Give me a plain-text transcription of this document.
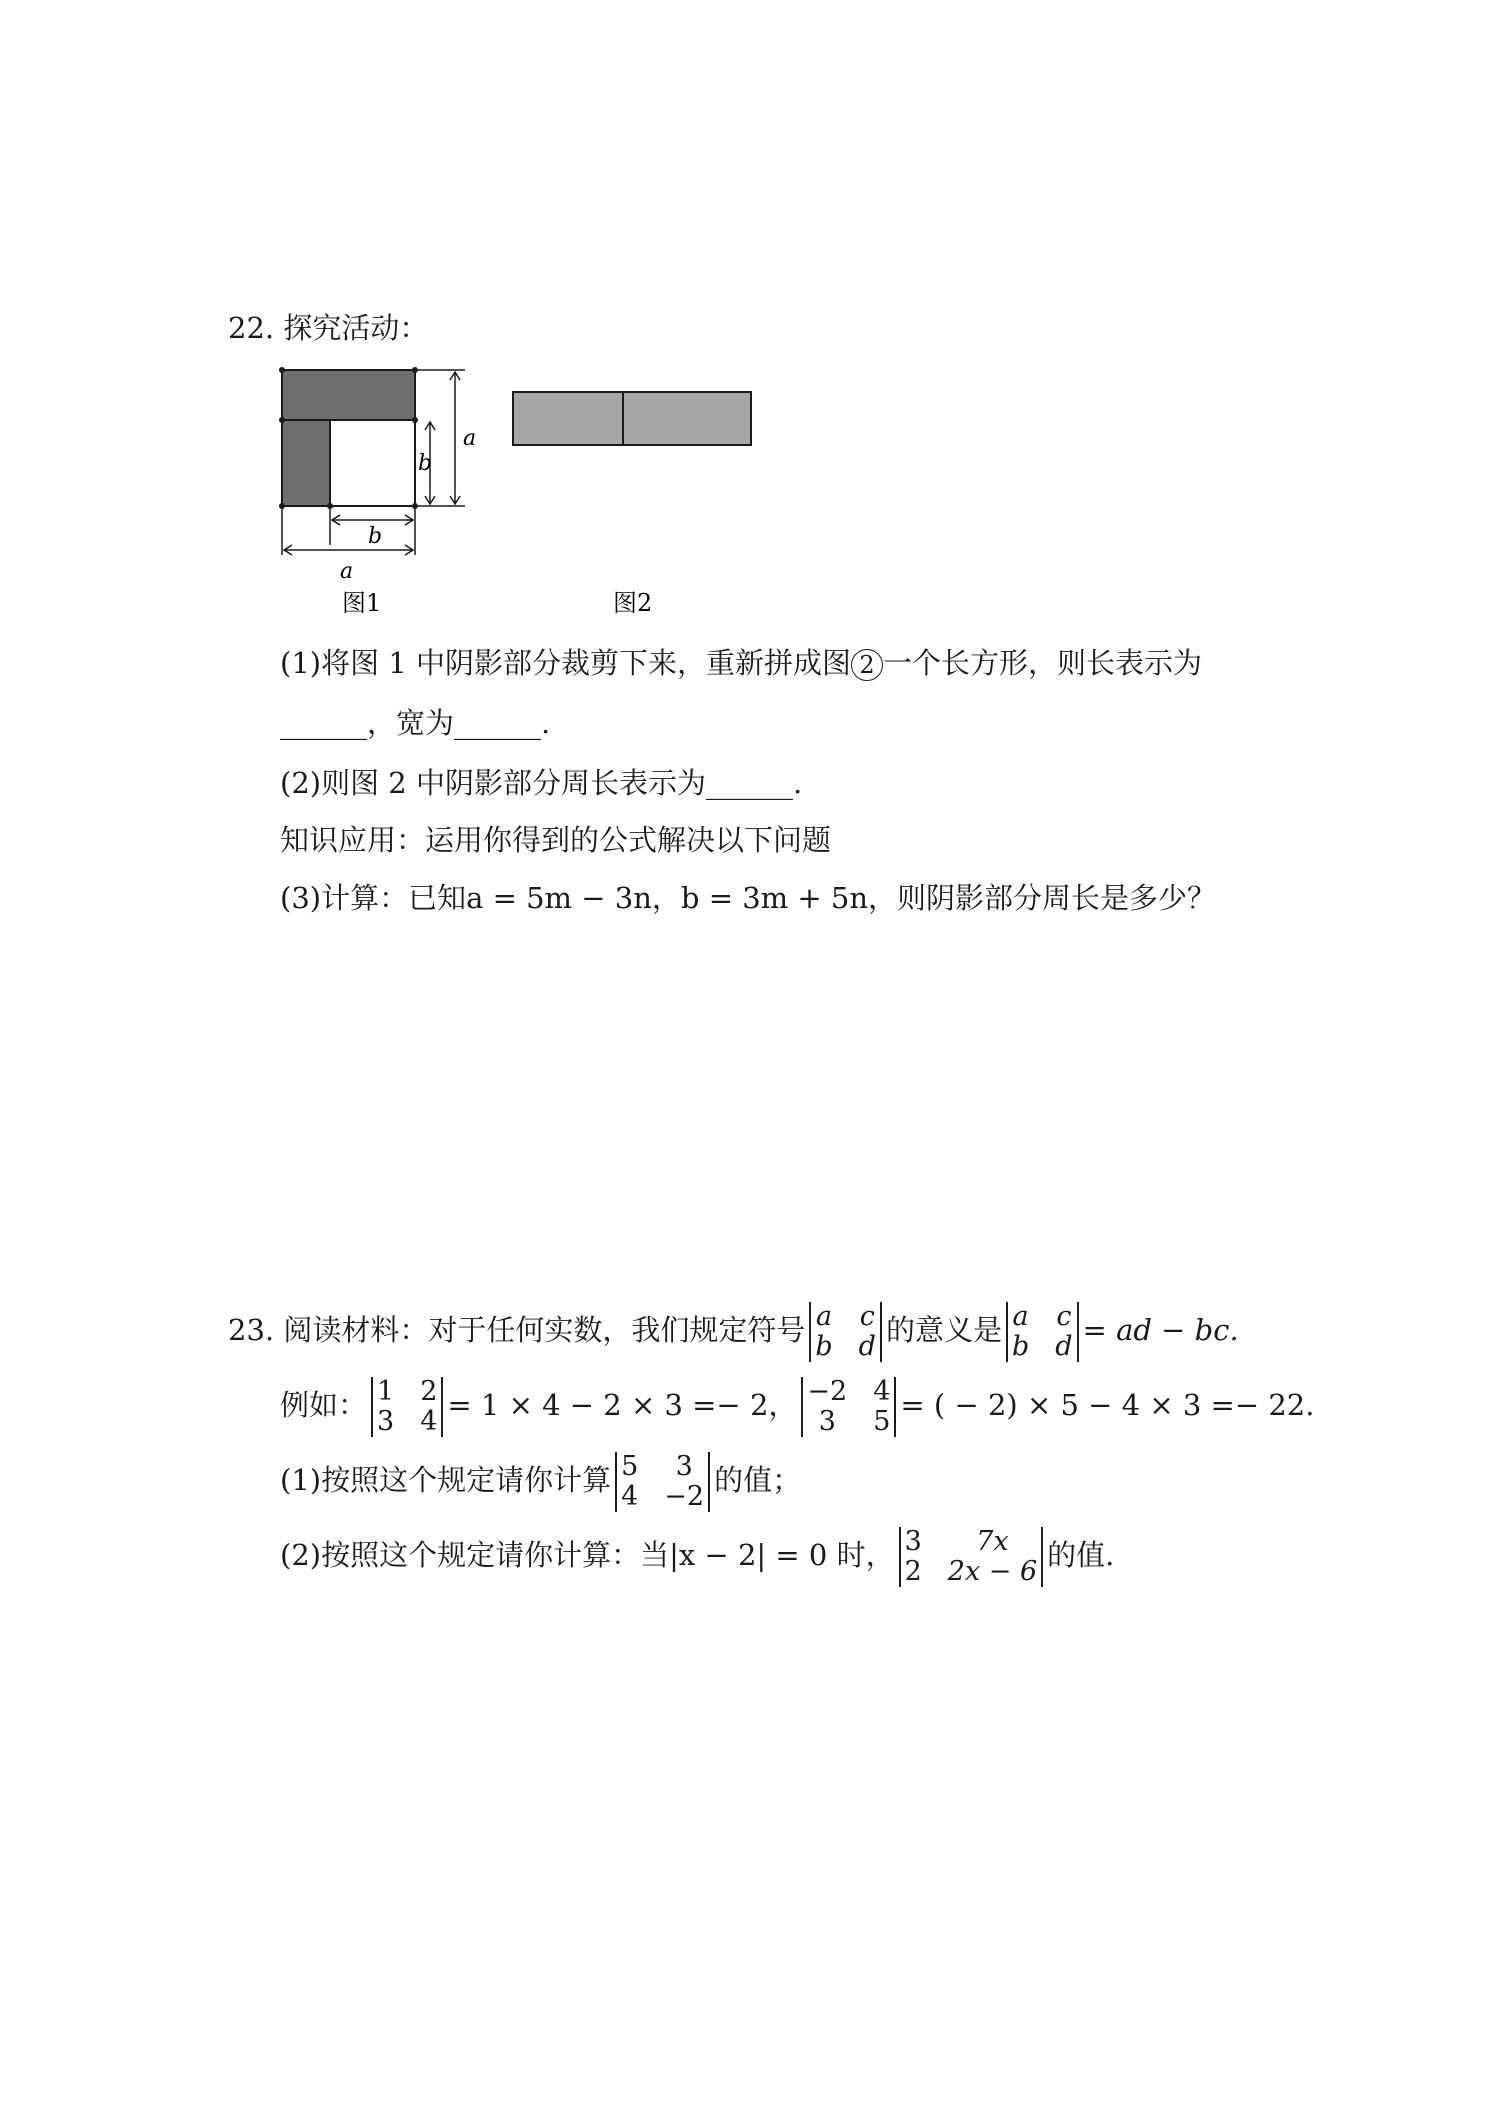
22. 探究活动：
a
b
b
a
图1	图2
(1)将图 1 中阴影部分裁剪下来，重新拼成图 2 一个长方形，则长表示为
______，宽为______.
(2)则图 2 中阴影部分周长表示为______.
知识应用：运用你得到的公式解决以下问题
(3)计算：已知a = 5m − 3n，b = 3m + 5n，则阴影部分周长是多少？
23. 阅读材料：对于任何实数，我们规定符号 a c
b d 的意义是 a c
b d = ad − bc.
例如： 1 2
3 4 = 1 × 4 − 2 × 3 =− 2， −2 4
3	5 = ( − 2) × 5 − 4 × 3 =− 22.
(1)按照这个规定请你计算 5	3
4 −2 的值；
(2)按照这个规定请你计算：当|x − 2| = 0 时， 3	7x
2 2x − 6 的值.
